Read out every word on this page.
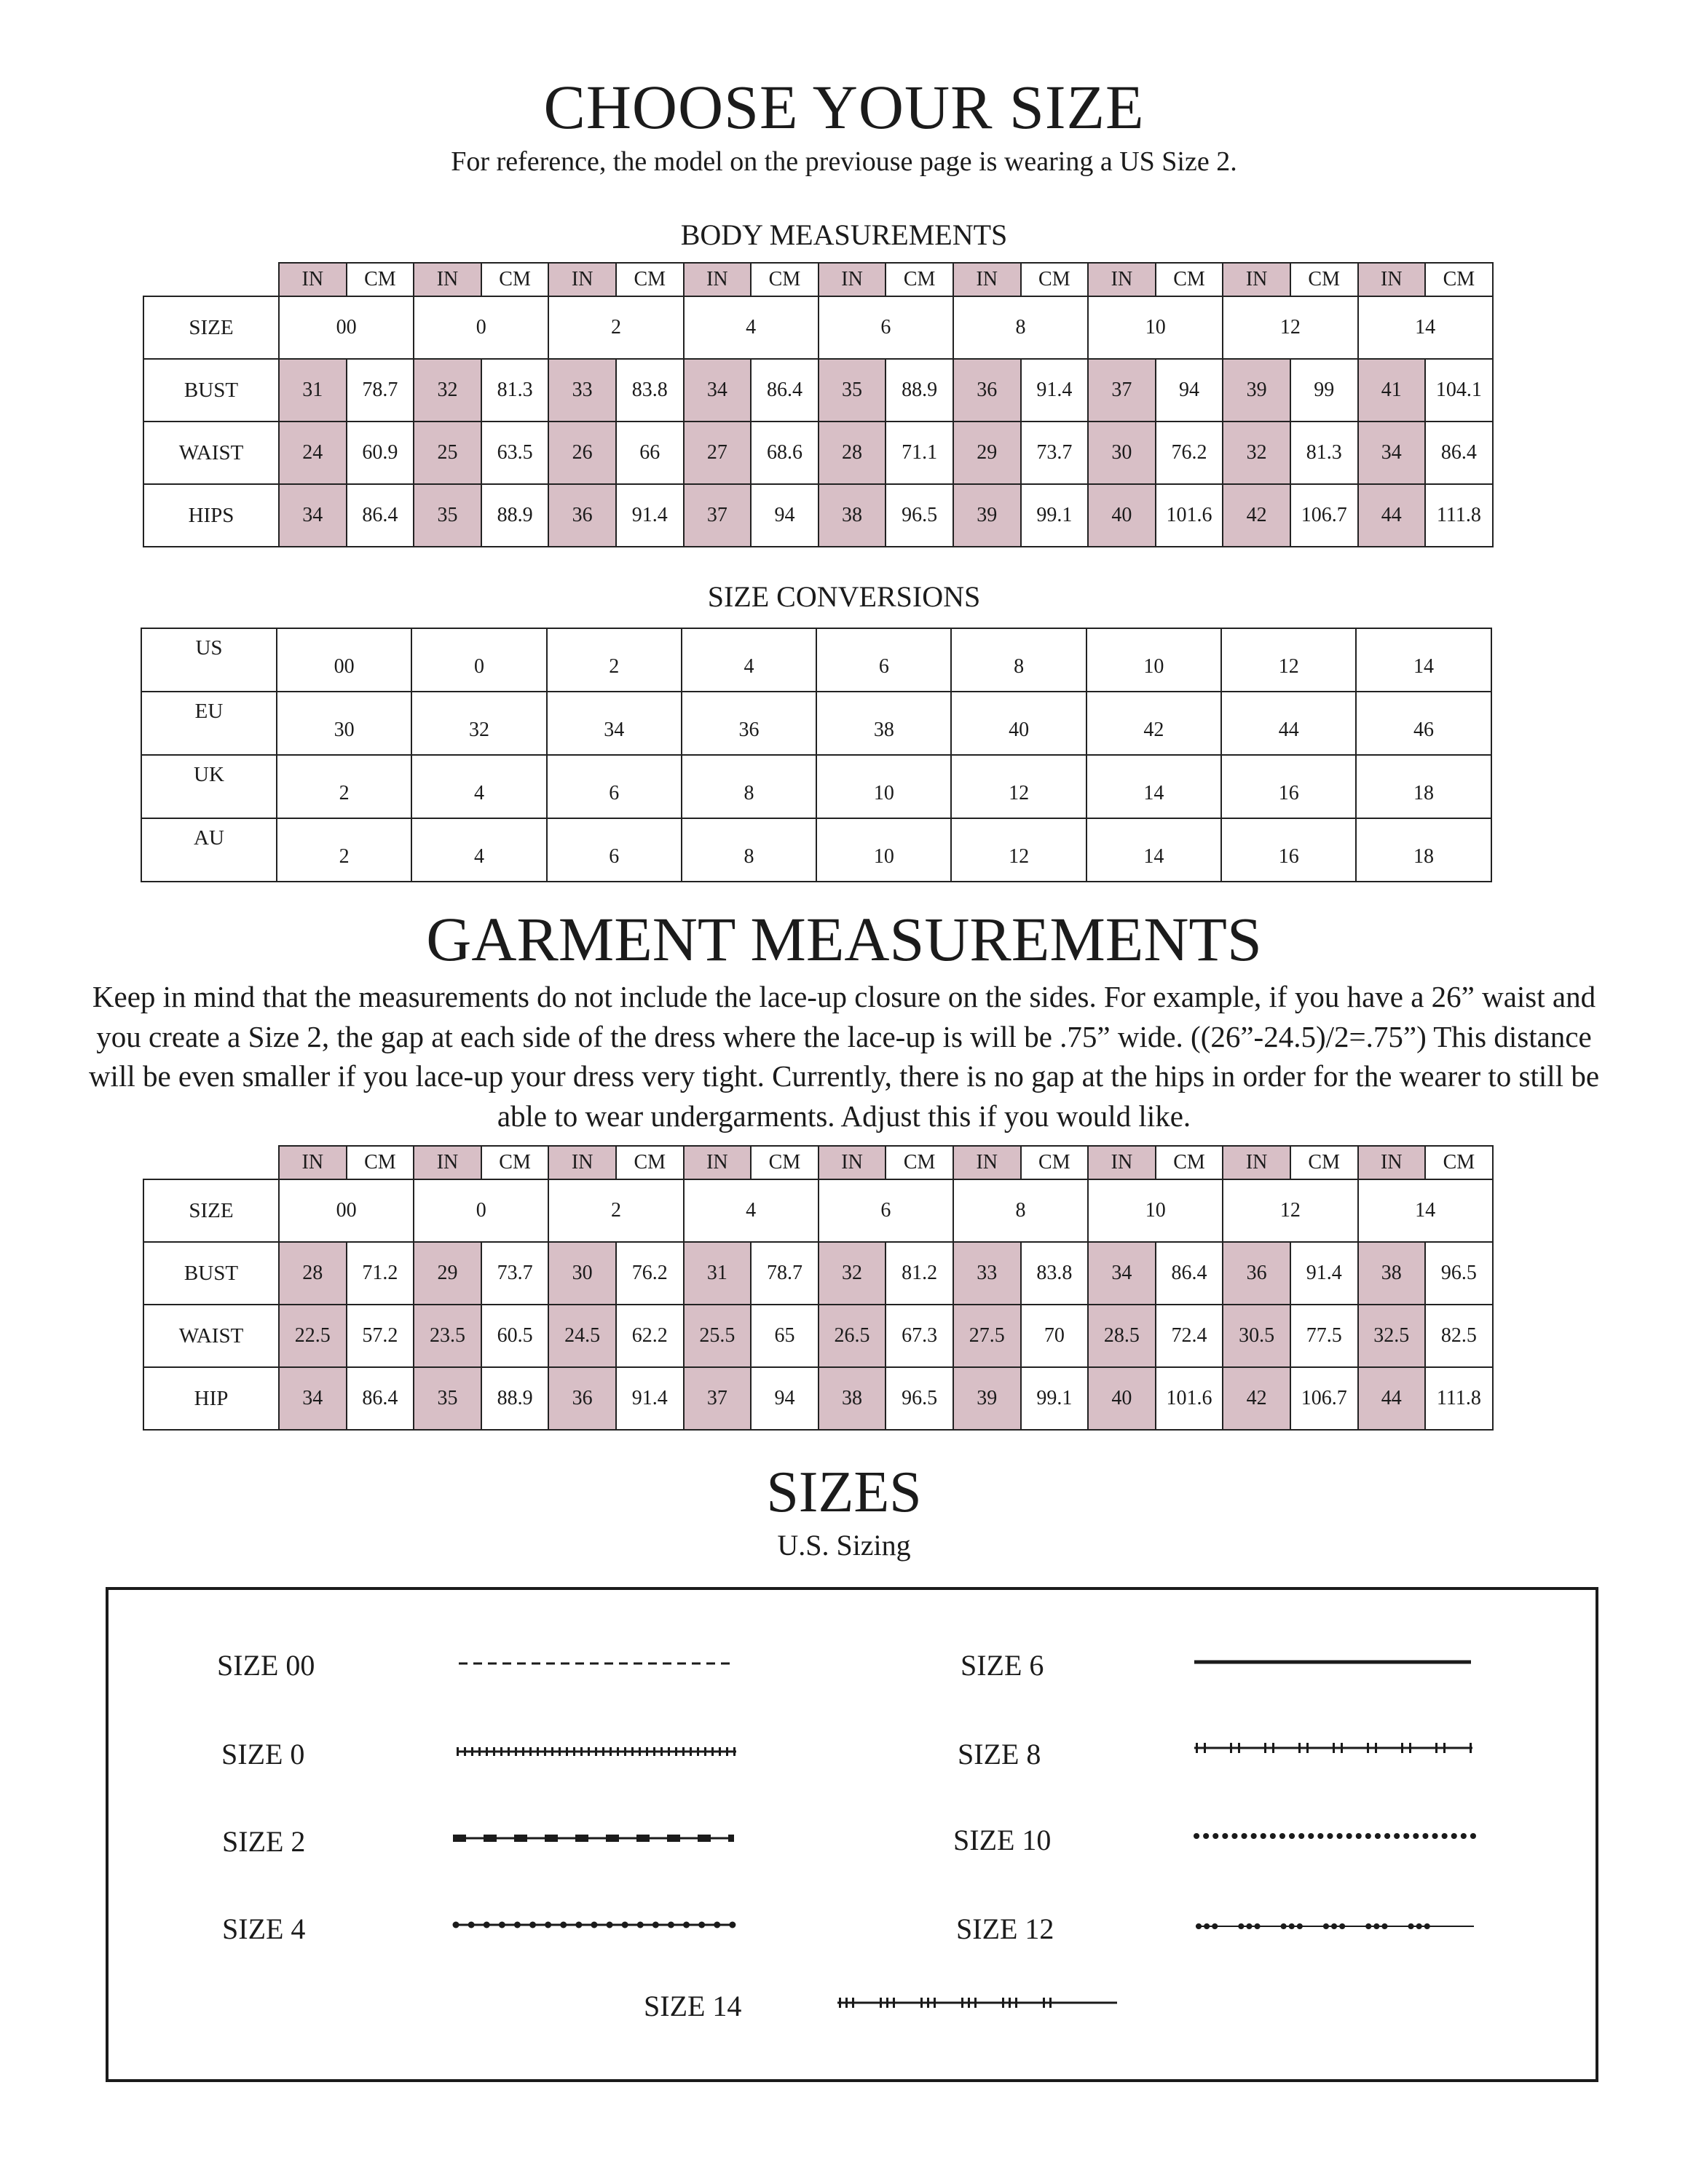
CHOOSE YOUR SIZE
For reference, the model on the previouse page is wearing a US Size 2.
BODY MEASUREMENTS
	IN	CM	IN	CM	IN	CM	IN	CM	IN	CM	IN	CM	IN	CM	IN	CM	IN	CM
SIZE	00		0		2		4		6		8		10		12		14	
BUST	31	78.7	32	81.3	33	83.8	34	86.4	35	88.9	36	91.4	37	94	39	99	41	104.1
WAIST	24	60.9	25	63.5	26	66	27	68.6	28	71.1	29	73.7	30	76.2	32	81.3	34	86.4
HIPS	34	86.4	35	88.9	36	91.4	37	94	38	96.5	39	99.1	40	101.6	42	106.7	44	111.8
SIZE CONVERSIONS
US	00	0	2	4	6	8	10	12	14
EU	30	32	34	36	38	40	42	44	46
UK	2	4	6	8	10	12	14	16	18
AU	2	4	6	8	10	12	14	16	18
GARMENT MEASUREMENTS
Keep in mind that the measurements do not include the lace-up closure on the sides. For example, if you have a 26” waist and you create a Size 2, the gap at each side of the dress where the lace-up is will be .75” wide. ((26”-24.5)/2=.75”) This distance will be even smaller if you lace-up your dress very tight. Currently, there is no gap at the hips in order for the wearer to still be able to wear undergarments. Adjust this if you would like.
	IN	CM	IN	CM	IN	CM	IN	CM	IN	CM	IN	CM	IN	CM	IN	CM	IN	CM
SIZE	00		0		2		4		6		8		10		12		14	
BUST	28	71.2	29	73.7	30	76.2	31	78.7	32	81.2	33	83.8	34	86.4	36	91.4	38	96.5
WAIST	22.5	57.2	23.5	60.5	24.5	62.2	25.5	65	26.5	67.3	27.5	70	28.5	72.4	30.5	77.5	32.5	82.5
HIP	34	86.4	35	88.9	36	91.4	37	94	38	96.5	39	99.1	40	101.6	42	106.7	44	111.8
SIZES
U.S. Sizing
SIZE 00
SIZE 0
SIZE 2
SIZE 4
SIZE 6
SIZE 8
SIZE 10
SIZE 12
SIZE 14
